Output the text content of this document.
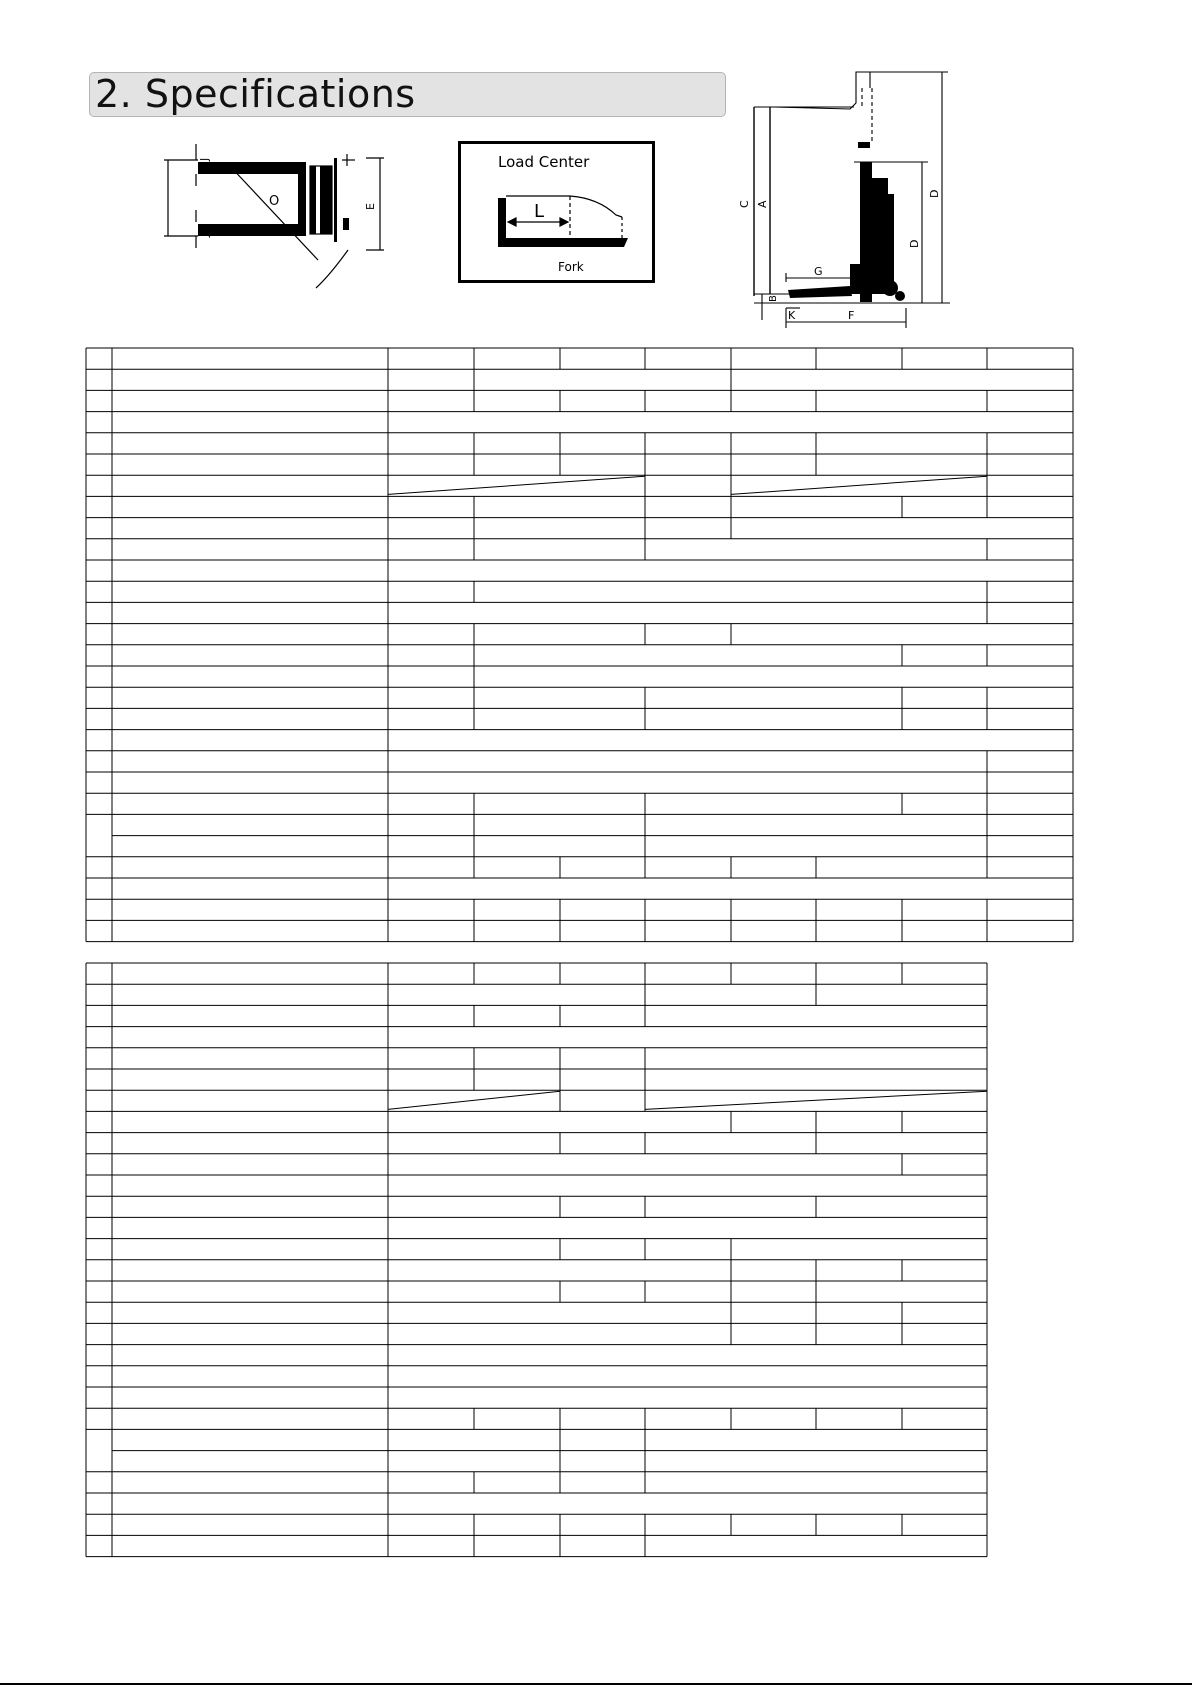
2. Specifications
J
O	E
J
Load Center
L
Fork
C A
D
D
G
B
K	F
